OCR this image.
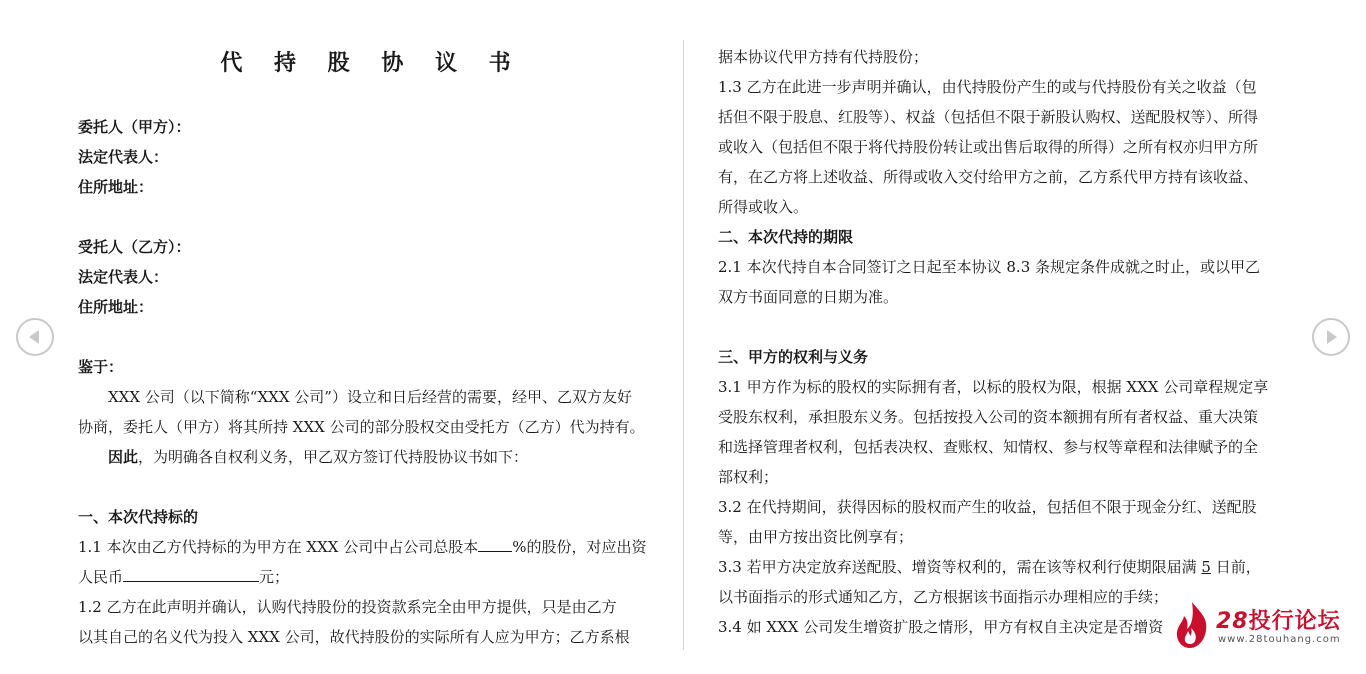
代 持 股 协 议 书
委托人（甲方）：
法定代表人：
住所地址：
受托人（乙方）：
法定代表人：
住所地址：
鉴于：
XXX 公司（以下简称“XXX 公司”）设立和日后经营的需要，经甲、乙双方友好
协商，委托人（甲方）将其所持 XXX 公司的部分股权交由受托方（乙方）代为持有。
因此，为明确各自权利义务，甲乙双方签订代持股协议书如下：
一、本次代持标的
1.1 本次由乙方代持标的为甲方在 XXX 公司中占公司总股本 %的股份，对应出资
人民币	元；
1.2 乙方在此声明并确认，认购代持股份的投资款系完全由甲方提供，只是由乙方
以其自己的名义代为投入 XXX 公司，故代持股份的实际所有人应为甲方；乙方系根
据本协议代甲方持有代持股份；
1.3 乙方在此进一步声明并确认，由代持股份产生的或与代持股份有关之收益（包
括但不限于股息、红股等）、权益（包括但不限于新股认购权、送配股权等）、所得
或收入（包括但不限于将代持股份转让或出售后取得的所得）之所有权亦归甲方所
有，在乙方将上述收益、所得或收入交付给甲方之前，乙方系代甲方持有该收益、
所得或收入。
二、本次代持的期限
2.1 本次代持自本合同签订之日起至本协议 8.3 条规定条件成就之时止，或以甲乙
双方书面同意的日期为准。
三、甲方的权利与义务
3.1 甲方作为标的股权的实际拥有者，以标的股权为限，根据 XXX 公司章程规定享
受股东权利，承担股东义务。包括按投入公司的资本额拥有所有者权益、重大决策
和选择管理者权利，包括表决权、查账权、知情权、参与权等章程和法律赋予的全
部权利；
3.2 在代持期间，获得因标的股权而产生的收益，包括但不限于现金分红、送配股
等，由甲方按出资比例享有；
3.3 若甲方决定放弃送配股、增资等权利的，需在该等权利行使期限届满 5 日前，
以书面指示的形式通知乙方，乙方根据该书面指示办理相应的手续；
3.4 如 XXX 公司发生增资扩股之情形，甲方有权自主决定是否增资 28投行论坛
www.28touhang.com
